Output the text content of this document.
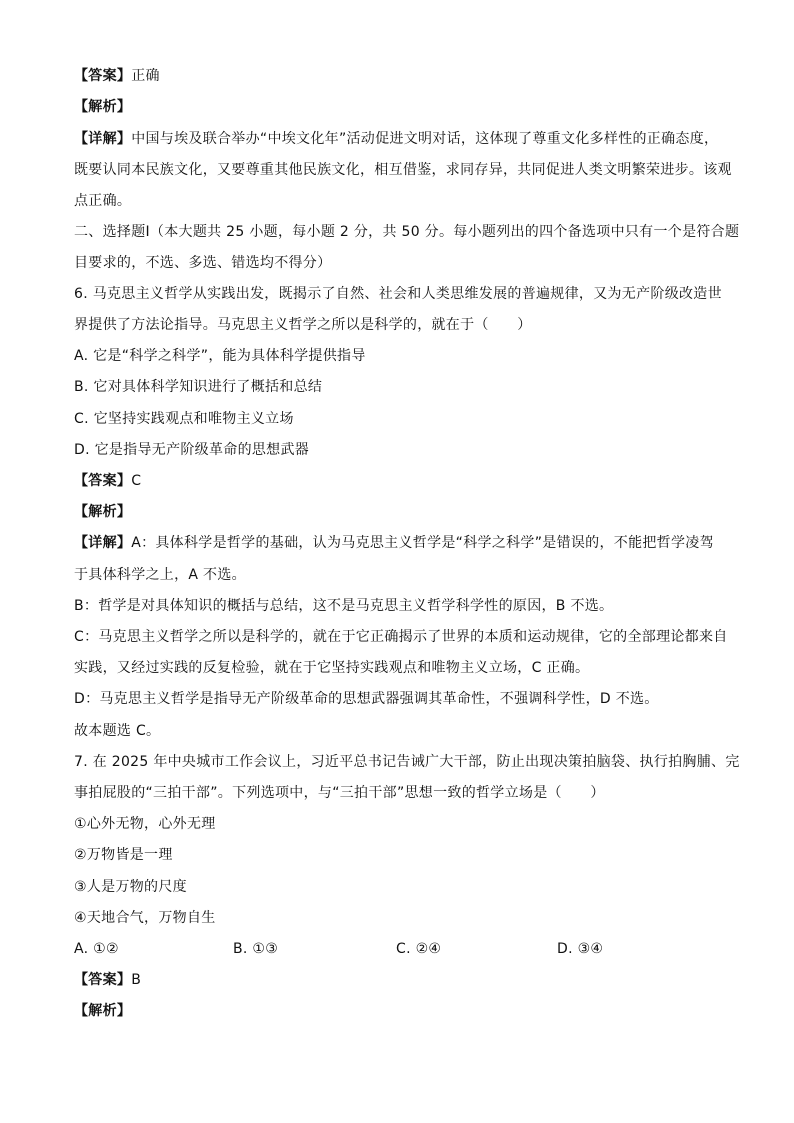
【答案】正确
【解析】
【详解】中国与埃及联合举办“中埃文化年”活动促进文明对话，这体现了尊重文化多样性的正确态度，
既要认同本民族文化，又要尊重其他民族文化，相互借鉴，求同存异，共同促进人类文明繁荣进步。该观
点正确。
二、选择题Ⅰ（本大题共 25 小题，每小题 2 分，共 50 分。每小题列出的四个备选项中只有一个是符合题
目要求的，不选、多选、错选均不得分）
6. 马克思主义哲学从实践出发，既揭示了自然、社会和人类思维发展的普遍规律，又为无产阶级改造世
界提供了方法论指导。马克思主义哲学之所以是科学的，就在于（　　）
A. 它是“科学之科学”，能为具体科学提供指导
B. 它对具体科学知识进行了概括和总结
C. 它坚持实践观点和唯物主义立场
D. 它是指导无产阶级革命的思想武器
【答案】C
【解析】
【详解】A：具体科学是哲学的基础，认为马克思主义哲学是“科学之科学”是错误的，不能把哲学凌驾
于具体科学之上，A 不选。
B：哲学是对具体知识的概括与总结，这不是马克思主义哲学科学性的原因，B 不选。
C：马克思主义哲学之所以是科学的，就在于它正确揭示了世界的本质和运动规律，它的全部理论都来自
实践，又经过实践的反复检验，就在于它坚持实践观点和唯物主义立场，C 正确。
D：马克思主义哲学是指导无产阶级革命的思想武器强调其革命性，不强调科学性，D 不选。
故本题选 C。
7. 在 2025 年中央城市工作会议上，习近平总书记告诫广大干部，防止出现决策拍脑袋、执行拍胸脯、完
事拍屁股的“三拍干部”。下列选项中，与“三拍干部”思想一致的哲学立场是（　　）
①心外无物，心外无理
②万物皆是一理
③人是万物的尺度
④天地合气，万物自生
A. ①②	B. ①③	C. ②④	D. ③④
【答案】B
【解析】
